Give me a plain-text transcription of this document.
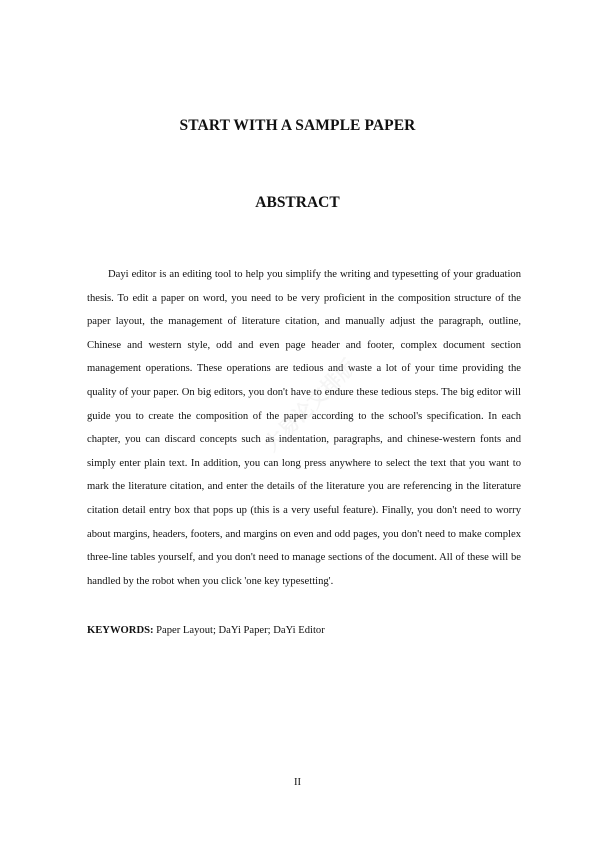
START WITH A SAMPLE PAPER
ABSTRACT

Dayi editor is an editing tool to help you simplify the writing and typesetting of your graduation thesis. To edit a paper on word, you need to be very proficient in the composition structure of the paper layout, the management of literature citation, and manually adjust the paragraph, outline, Chinese and western style, odd and even page header and footer, complex document section management operations. These operations are tedious and waste a lot of your time providing the quality of your paper. On big editors, you don't have to endure these tedious steps. The big editor will guide you to create the composition of the paper according to the school's specification. In each chapter, you can discard concepts such as indentation, paragraphs, and chinese-western fonts and simply enter plain text. In addition, you can long press anywhere to select the text that you want to mark the literature citation, and enter the details of the literature you are referencing in the literature citation detail entry box that pops up (this is a very useful feature). Finally, you don't need to worry about margins, headers, footers, and margins on even and odd pages, you don't need to make complex three-line tables yourself, and you don't need to manage sections of the document. All of these will be handled by the robot when you click 'one key typesetting'.

KEYWORDS: Paper Layout; DaYi Paper; DaYi Editor

II
大易论文排版
